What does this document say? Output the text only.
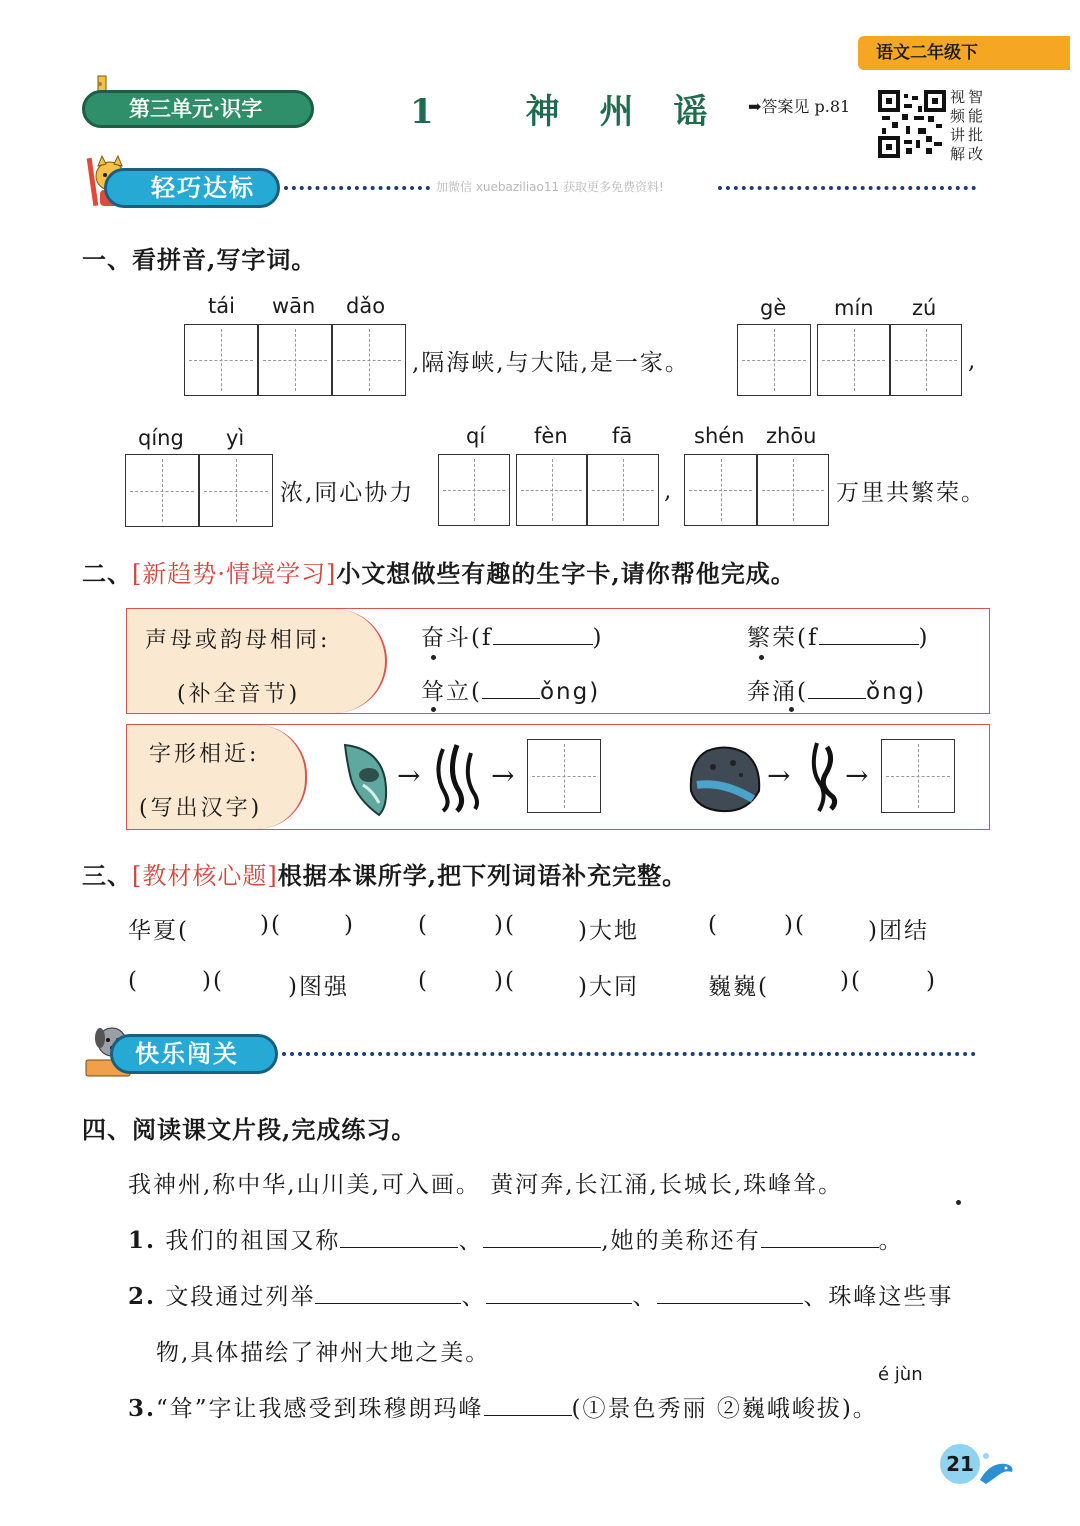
语文二年级下
第三单元·识字	1 神州谣 ➡答案见 p.81	视
频
讲
解
智
能
批
改
轻巧达标	加微信 xuebaziliao11 获取更多免费资料!
一、看拼音,写字词。
tái wān dǎo
,隔海峡,与大陆,是一家。
gè mín zú
,
qíng yì
浓,同心协力
qí fèn fā
,
shén zhōu
万里共繁荣。
二、[新趋势·情境学习]小文想做些有趣的生字卡,请你帮他完成。
声母或韵母相同:
(补全音节)
奋斗(f	)	繁荣(f	)
耸立(	ǒng)	奔涌(	ǒng)
字形相近:
(写出汉字)
→ →	→ →
三、[教材核心题]根据本课所学,把下列词语补充完整。
华夏(	)(	)	(	)(	)大地	(	)(	)团结
(	)(	)图强	(	)(	)大同	巍巍(	)(	)
快乐闯关
四、阅读课文片段,完成练习。
我神州,称中华,山川美,可入画。 黄河奔,长江涌,长城长,珠峰耸。
1. 我们的祖国又称	、	,她的美称还有	。
2. 文段通过列举	、	、	、珠峰这些事
物,具体描绘了神州大地之美。
é jùn
3.“耸”字让我感受到珠穆朗玛峰	(①景色秀丽 ②巍峨峻拔)。
21
